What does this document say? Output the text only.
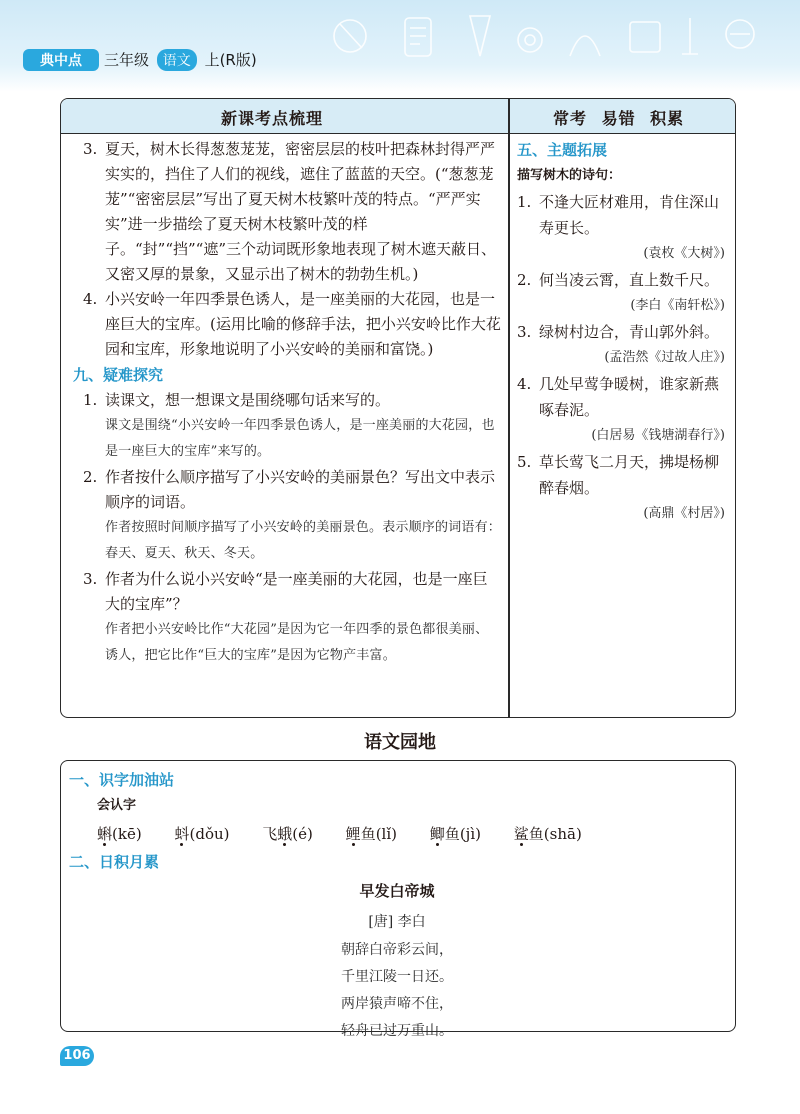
典中点 三年级 语文 上(R版)
新课考点梳理	常考 易错 积累
3. 夏天，树木长得葱葱茏茏，密密层层的枝叶把森林封得严严实实的，挡住了人们的视线，遮住了蓝蓝的天空。(“葱葱茏茏”“密密层层”写出了夏天树木枝繁叶茂的特点。“严严实实”进一步描绘了夏天树木枝繁叶茂的样子。“封”“挡”“遮”三个动词既形象地表现了树木遮天蔽日、又密又厚的景象，又显示出了树木的勃勃生机。)
4. 小兴安岭一年四季景色诱人，是一座美丽的大花园，也是一座巨大的宝库。(运用比喻的修辞手法，把小兴安岭比作大花园和宝库，形象地说明了小兴安岭的美丽和富饶。)
九、疑难探究
1. 读课文，想一想课文是围绕哪句话来写的。
课文是围绕“小兴安岭一年四季景色诱人，是一座美丽的大花园，也是一座巨大的宝库”来写的。
2. 作者按什么顺序描写了小兴安岭的美丽景色？写出文中表示顺序的词语。
作者按照时间顺序描写了小兴安岭的美丽景色。表示顺序的词语有：春天、夏天、秋天、冬天。
3. 作者为什么说小兴安岭“是一座美丽的大花园，也是一座巨大的宝库”？
作者把小兴安岭比作“大花园”是因为它一年四季的景色都很美丽、诱人，把它比作“巨大的宝库”是因为它物产丰富。
五、主题拓展
描写树木的诗句：
1. 不逢大匠材难用，肯住深山寿更长。
(袁枚《大树》)
2. 何当凌云霄，直上数千尺。
(李白《南轩松》)
3. 绿树村边合，青山郭外斜。
(孟浩然《过故人庄》)
4. 几处早莺争暖树，谁家新燕啄春泥。
(白居易《钱塘湖春行》)
5. 草长莺飞二月天，拂堤杨柳醉春烟。
(高鼎《村居》)
语文园地
一、识字加油站
会认字
蝌(kē) 蚪(dǒu) 飞蛾(é) 鲤鱼(lǐ) 鲫鱼(jì) 鲨鱼(shā)
二、日积月累
早发白帝城
[唐] 李白
朝辞白帝彩云间，
千里江陵一日还。
两岸猿声啼不住，
轻舟已过万重山。
106
